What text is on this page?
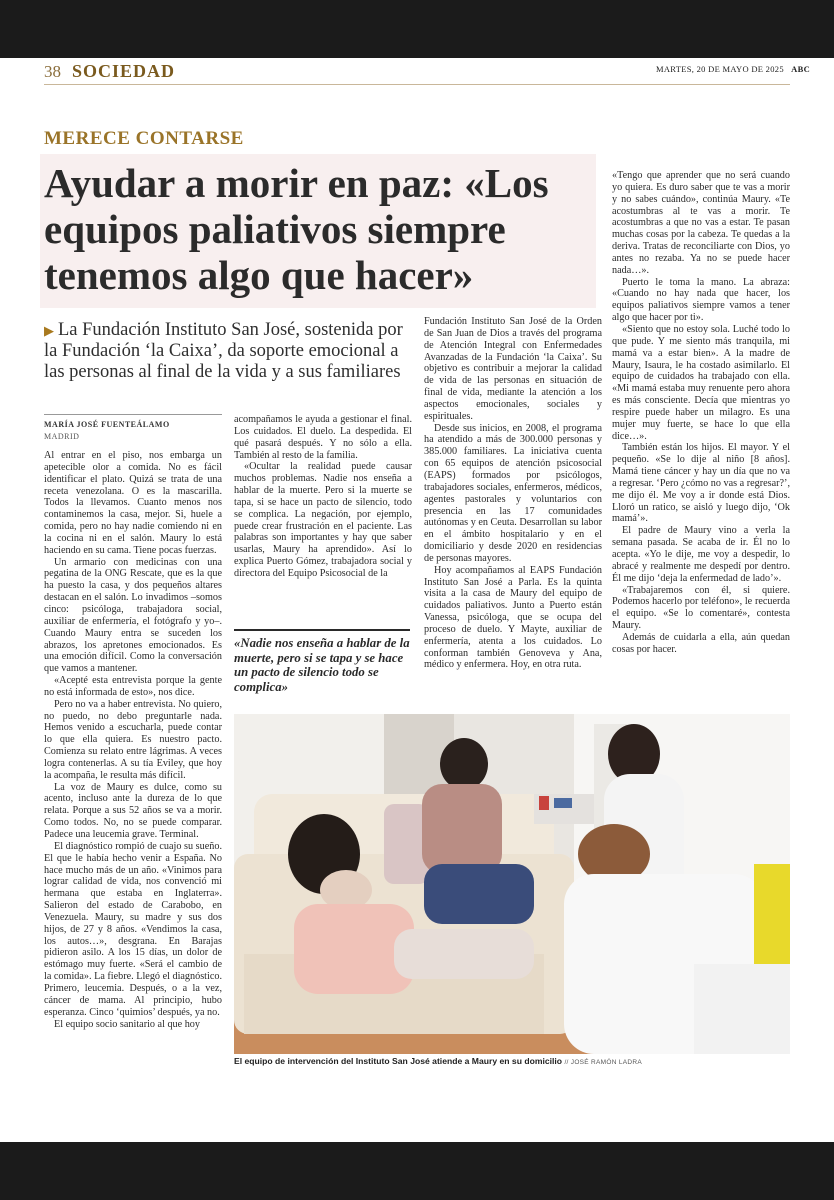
38 SOCIEDAD	MARTES, 20 DE MAYO DE 2025 ABC
MERECE CONTARSE
Ayudar a morir en paz: «Los equipos paliativos siempre tenemos algo que hacer»
▶ La Fundación Instituto San José, sostenida por la Fundación ‘la Caixa’, da soporte emocional a las personas al final de la vida y a sus familiares
MARÍA JOSÉ FUENTEÁLAMO
MADRID

Al entrar en el piso, nos embarga un apetecible olor a comida. No es fácil identificar el plato. Quizá se trata de una receta venezolana. O es la mascarilla. Todos la llevamos. Cuanto menos nos contaminemos la casa, mejor. Si, huele a comida, pero no hay nadie comiendo ni en la cocina ni en el salón. Maury lo está haciendo en su cama. Tiene pocas fuerzas.

Un armario con medicinas con una pegatina de la ONG Rescate, que es la que ha puesto la casa, y dos pequeños altares destacan en el salón. Lo invadimos –somos cinco: psicóloga, trabajadora social, auxiliar de enfermería, el fotógrafo y yo–. Cuando Maury entra se suceden los abrazos, los apretones emocionados. Es una emoción difícil. Como la conversación que vamos a mantener.

«Acepté esta entrevista porque la gente no está informada de esto», nos dice.

Pero no va a haber entrevista. No quiero, no puedo, no debo preguntarle nada. Hemos venido a escucharla, puede contar lo que ella quiera. Es nuestro pacto. Comienza su relato entre lágrimas. A veces logra contenerlas. A su tía Eviley, que hoy la acompaña, le resulta más difícil.

La voz de Maury es dulce, como su acento, incluso ante la dureza de lo que relata. Porque a sus 52 años se va a morir. Como todos. No, no se puede comparar. Padece una leucemia grave. Terminal.

El diagnóstico rompió de cuajo su sueño. El que le había hecho venir a España. No hace mucho más de un año. «Vinimos para lograr calidad de vida, nos convenció mi hermana que estaba en Inglaterra». Salieron del estado de Carabobo, en Venezuela. Maury, su madre y sus dos hijos, de 27 y 8 años. «Vendimos la casa, los autos…», desgrana. En Barajas pidieron asilo. A los 15 días, un dolor de estómago muy fuerte. «Será el cambio de la comida». La fiebre. Llegó el diagnóstico. Primero, leucemia. Después, o a la vez, cáncer de mama. Al principio, hubo esperanza. Cinco ‘quimios’ después, ya no.

El equipo socio sanitario al que hoy

acompañamos le ayuda a gestionar el final. Los cuidados. El duelo. La despedida. El qué pasará después. Y no sólo a ella. También al resto de la familia.

«Ocultar la realidad puede causar muchos problemas. Nadie nos enseña a hablar de la muerte. Pero si la muerte se tapa, si se hace un pacto de silencio, todo se complica. La negación, por ejemplo, puede crear frustración en el paciente. Las palabras son importantes y hay que saber usarlas, Maury ha aprendido». Así lo explica Puerto Gómez, trabajadora social y directora del Equipo Psicosocial de la

«Nadie nos enseña a hablar de la muerte, pero si se tapa y se hace un pacto de silencio todo se complica»

Fundación Instituto San José de la Orden de San Juan de Dios a través del programa de Atención Integral con Enfermedades Avanzadas de la Fundación ‘la Caixa’. Su objetivo es contribuir a mejorar la calidad de vida de las personas en situación de final de vida, mediante la atención a los aspectos emocionales, sociales y espirituales.

Desde sus inicios, en 2008, el programa ha atendido a más de 300.000 personas y 385.000 familiares. La iniciativa cuenta con 65 equipos de atención psicosocial (EAPS) formados por psicólogos, trabajadores sociales, enfermeros, médicos, agentes pastorales y voluntarios con presencia en las 17 comunidades autónomas y en Ceuta. Desarrollan su labor en el ámbito hospitalario y en el domiciliario y desde 2020 en residencias de personas mayores.

Hoy acompañamos al EAPS Fundación Instituto San José a Parla. Es la quinta visita a la casa de Maury del equipo de cuidados paliativos. Junto a Puerto están Vanessa, psicóloga, que se ocupa del proceso de duelo. Y Mayte, auxiliar de enfermería, atenta a los cuidados. Lo conforman también Genoveva y Ana, médico y enfermera. Hoy, en otra ruta.

«Tengo que aprender que no será cuando yo quiera. Es duro saber que te vas a morir y no sabes cuándo», continúa Maury. «Te acostumbras al te vas a morir. Te acostumbras a que no vas a estar. Te pasan muchas cosas por la cabeza. Te quedas a la deriva. Tratas de reconciliarte con Dios, yo antes no rezaba. Ya no se puede hacer nada…».

Puerto le toma la mano. La abraza: «Cuando no hay nada que hacer, los equipos paliativos siempre vamos a tener algo que hacer por ti».

«Siento que no estoy sola. Luché todo lo que pude. Y me siento más tranquila, mi mamá va a estar bien». A la madre de Maury, Isaura, le ha costado asimilarlo. El equipo de cuidados ha trabajado con ella. «Mi mamá estaba muy renuente pero ahora es más consciente. Decía que mientras yo respire puede haber un milagro. Es una mujer muy fuerte, se hace lo que ella dice…».

También están los hijos. El mayor. Y el pequeño. «Se lo dije al niño [8 años]. Mamá tiene cáncer y hay un día que no va a regresar. ‘Pero ¿cómo no vas a regresar?’, me dijo él. Me voy a ir donde está Dios. Lloró un ratico, se aisló y luego dijo, ‘Ok mamá’».

El padre de Maury vino a verla la semana pasada. Se acaba de ir. Él no lo acepta. «Yo le dije, me voy a despedir, lo abracé y realmente me despedí por dentro. Él me dijo ‘deja la enfermedad de lado’».

«Trabajaremos con él, si quiere. Podemos hacerlo por teléfono», le recuerda el equipo. «Se lo comentaré», contesta Maury.

Además de cuidarla a ella, aún quedan cosas por hacer.

El equipo de intervención del Instituto San José atiende a Maury en su domicilio // JOSÉ RAMÓN LADRA
